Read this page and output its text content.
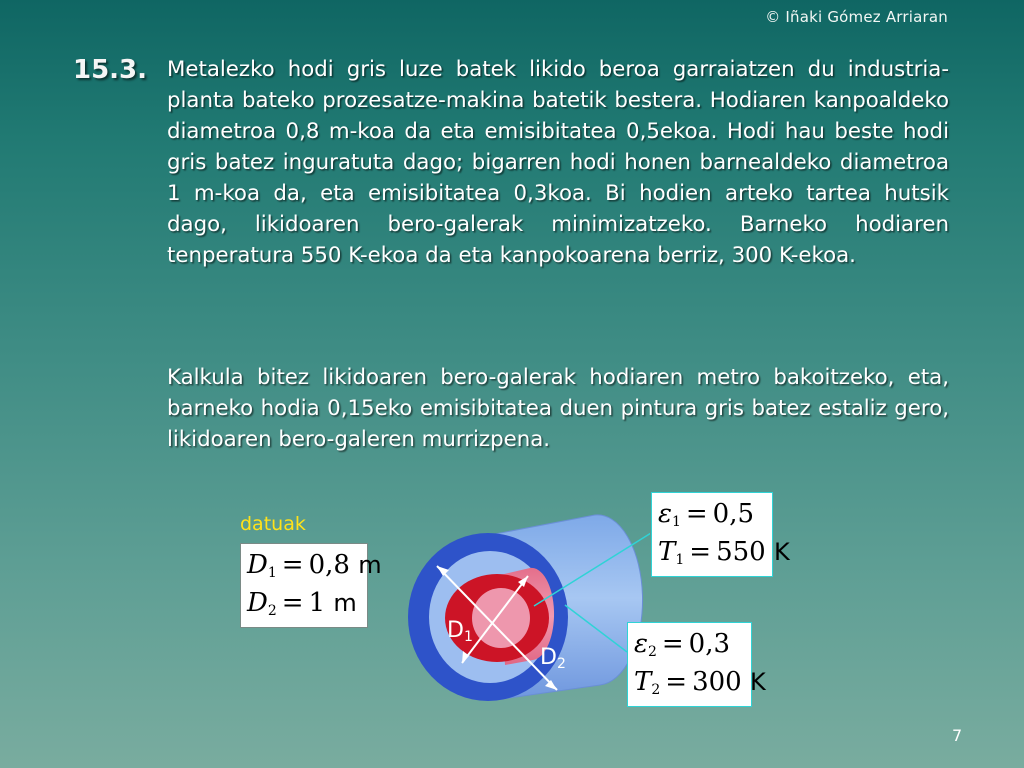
© Iñaki Gómez Arriaran
15.3. Metalezko hodi gris luze batek likido beroa garraiatzen du industria-planta bateko prozesatze-makina batetik bestera. Hodiaren kanpoaldeko diametroa 0,8 m-koa da eta emisibitatea 0,5ekoa. Hodi hau beste hodi gris batez inguratuta dago; bigarren hodi honen barnealdeko diametroa 1 m-koa da, eta emisibitatea 0,3koa. Bi hodien arteko tartea hutsik dago, likidoaren bero-galerak minimizatzeko. Barneko hodiaren tenperatura 550 K-ekoa da eta kanpokoarena berriz, 300 K-ekoa.

Kalkula bitez likidoaren bero-galerak hodiaren metro bakoitzeko, eta, barneko hodia 0,15eko emisibitatea duen pintura gris batez estaliz gero, likidoaren bero-galeren murrizpena.

datuak
$D_1 = 0,8$ m
$D_2 = 1$ m
$D_1$
$D_2$
$\varepsilon_1 = 0,5$
$T_1 = 550$ K
$\varepsilon_2 = 0,3$
$T_2 = 300$ K
7
